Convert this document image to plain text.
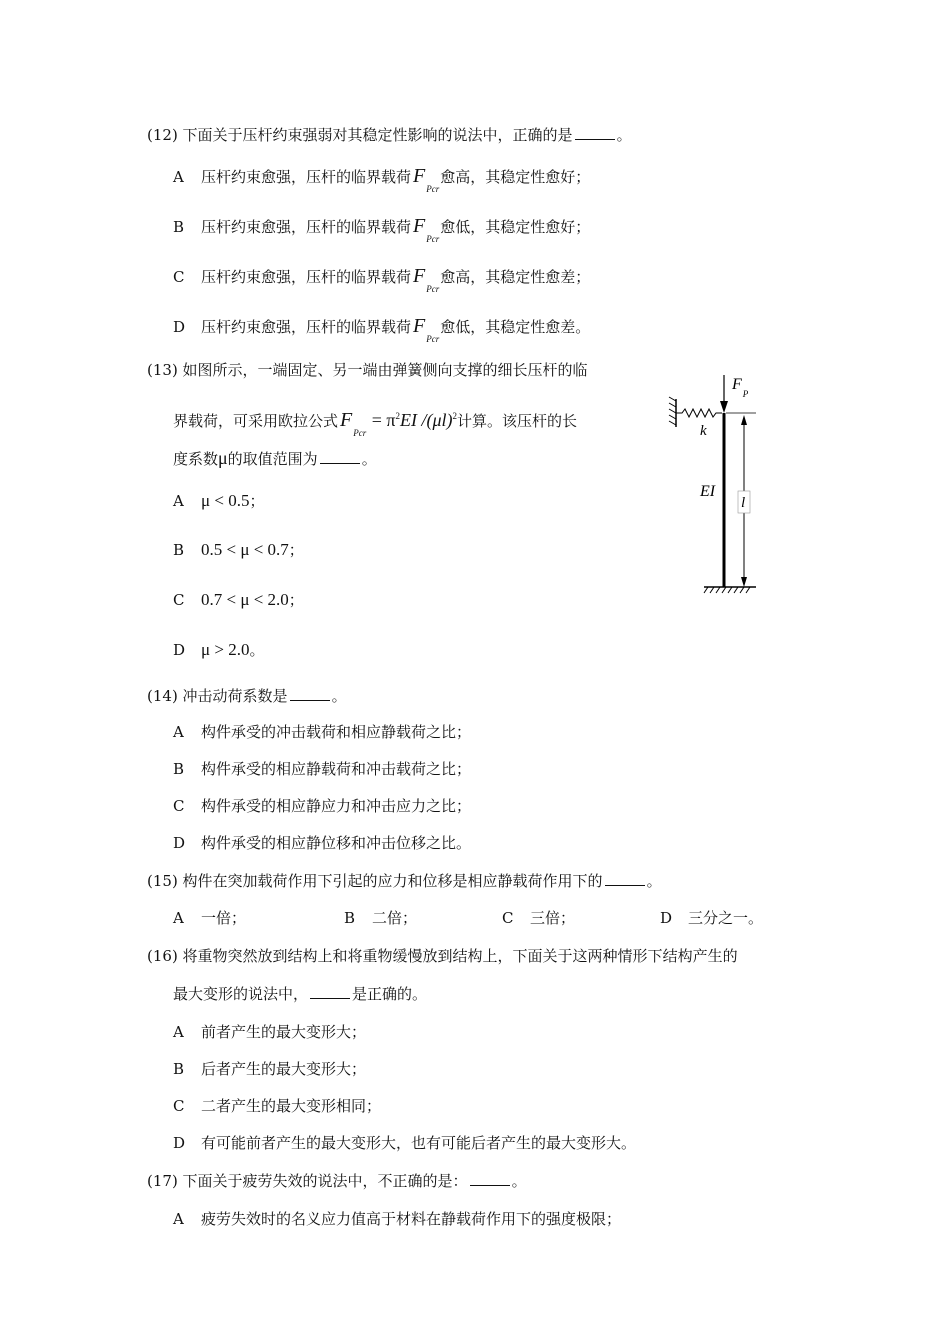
(12) 下面关于压杆约束强弱对其稳定性影响的说法中，正确的是	。
A 压杆约束愈强，压杆的临界载荷 $F_{Pcr}$愈高，其稳定性愈好；
B 压杆约束愈强，压杆的临界载荷 $F_{Pcr}$愈低，其稳定性愈好；
C 压杆约束愈强，压杆的临界载荷 $F_{Pcr}$愈高，其稳定性愈差；
D 压杆约束愈强，压杆的临界载荷 $F_{Pcr}$愈低，其稳定性愈差。
(13) 如图所示，一端固定、另一端由弹簧侧向支撑的细长压杆的临
界载荷，可采用欧拉公式 $F_{Pcr} = \pi^2EI$ $/(\mu l)^2$计算。该压杆的长
度系数μ的取值范围为	。
A μ < 0.5；
B 0.5 < μ < 0.7；
C 0.7 < μ < 2.0；
D μ > 2.0。
$F_P$
k
l
EI
(14) 冲击动荷系数是	。
A 构件承受的冲击载荷和相应静载荷之比；
B 构件承受的相应静载荷和冲击载荷之比；
C 构件承受的相应静应力和冲击应力之比；
D 构件承受的相应静位移和冲击位移之比。
(15) 构件在突加载荷作用下引起的应力和位移是相应静载荷作用下的	。
A 一倍；	B 二倍；	C 三倍；	D 三分之一。
(16) 将重物突然放到结构上和将重物缓慢放到结构上，下面关于这两种情形下结构产生的
最大变形的说法中，	是正确的。
A 前者产生的最大变形大；
B 后者产生的最大变形大；
C 二者产生的最大变形相同；
D 有可能前者产生的最大变形大，也有可能后者产生的最大变形大。
(17) 下面关于疲劳失效的说法中，不正确的是：	。
A 疲劳失效时的名义应力值高于材料在静载荷作用下的强度极限；
